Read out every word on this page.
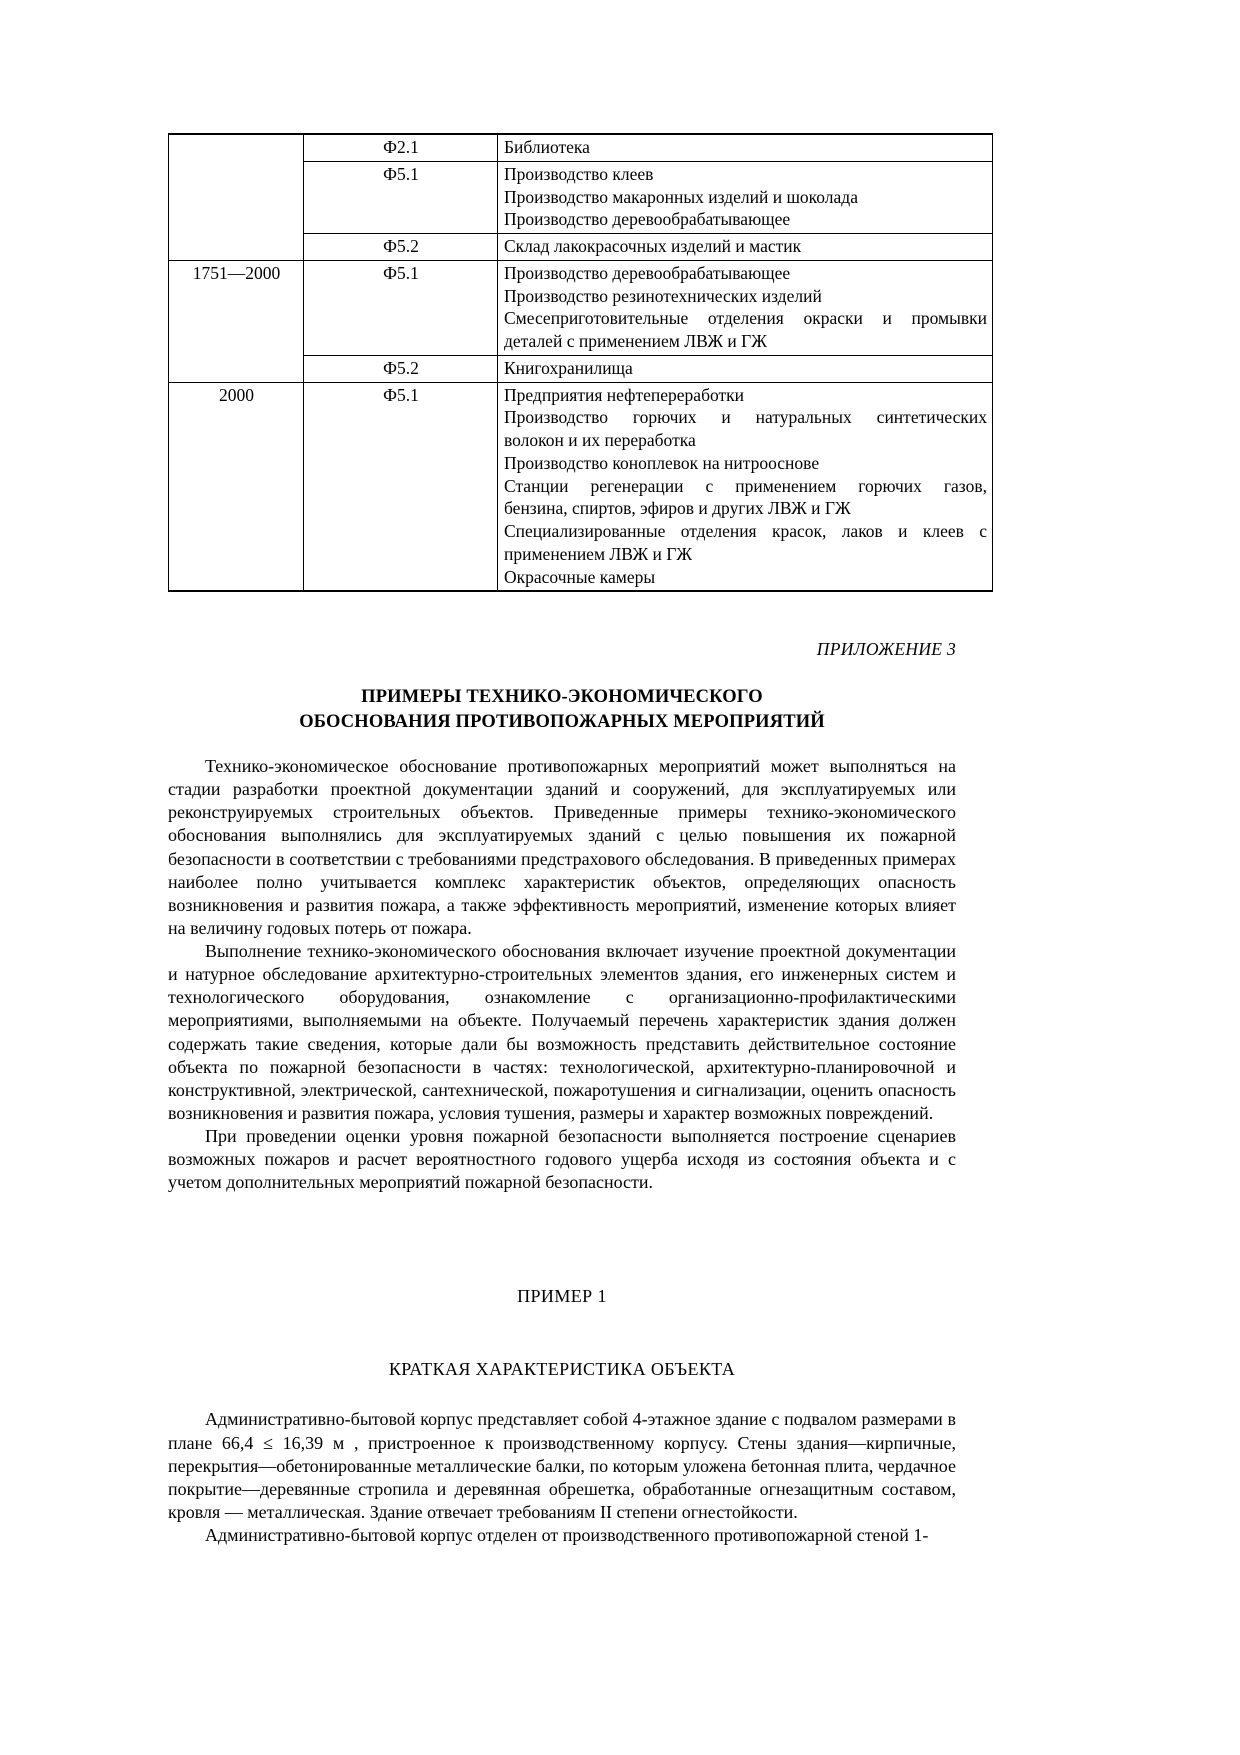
	Ф2.1	Библиотека

	Ф5.1	Производство клеев
Производство макаронных изделий и шоколада
Производство деревообрабатывающее

	Ф5.2	Склад лакокрасочных изделий и мастик

1751—2000	Ф5.1	Производство деревообрабатывающее
Производство резинотехнических изделий
Смесеприготовительные отделения окраски и промывки
деталей с применением ЛВЖ и ГЖ

	Ф5.2	Книгохранилища

2000	Ф5.1	Предприятия нефтепереработки
Производство горючих и натуральных синтетических
волокон и их переработка
Производство коноплевок на нитрооснове
Станции регенерации с применением горючих газов,
бензина, спиртов, эфиров и других ЛВЖ и ГЖ
Специализированные отделения красок, лаков и клеев с
применением ЛВЖ и ГЖ
Окрасочные камеры
ПРИЛОЖЕНИЕ 3
ПРИМЕРЫ ТЕХНИКО-ЭКОНОМИЧЕСКОГО
ОБОСНОВАНИЯ ПРОТИВОПОЖАРНЫХ МЕРОПРИЯТИЙ

Технико-экономическое обоснование противопожарных мероприятий может выполняться на стадии разработки проектной документации зданий и сооружений, для эксплуатируемых или реконструируемых строительных объектов. Приведенные примеры технико-экономического обоснования выполнялись для эксплуатируемых зданий с целью повышения их пожарной безопасности в соответствии с требованиями предстрахового обследования. В приведенных примерах наиболее полно учитывается комплекс характеристик объектов, определяющих опасность возникновения и развития пожара, а также эффективность мероприятий, изменение которых влияет на величину годовых потерь от пожара.

Выполнение технико-экономического обоснования включает изучение проектной документации и натурное обследование архитектурно-строительных элементов здания, его инженерных систем и технологического оборудования, ознакомление с организационно-профилактическими мероприятиями, выполняемыми на объекте. Получаемый перечень характеристик здания должен содержать такие сведения, которые дали бы возможность представить действительное состояние объекта по пожарной безопасности в частях: технологической, архитектурно-планировочной и конструктивной, электрической, сантехнической, пожаротушения и сигнализации, оценить опасность возникновения и развития пожара, условия тушения, размеры и характер возможных повреждений.

При проведении оценки уровня пожарной безопасности выполняется построение сценариев возможных пожаров и расчет вероятностного годового ущерба исходя из состояния объекта и с учетом дополнительных мероприятий пожарной безопасности.

ПРИМЕР 1
КРАТКАЯ ХАРАКТЕРИСТИКА ОБЪЕКТА

Административно-бытовой корпус представляет собой 4-этажное здание с подвалом размерами в плане 66,4 ≤ 16,39 м , пристроенное к производственному корпусу. Стены здания—кирпичные, перекрытия—обетонированные металлические балки, по которым уложена бетонная плита, чердачное покрытие—деревянные стропила и деревянная обрешетка, обработанные огнезащитным составом, кровля — металлическая. Здание отвечает требованиям II степени огнестойкости.

Административно-бытовой корпус отделен от производственного противопожарной стеной 1-
